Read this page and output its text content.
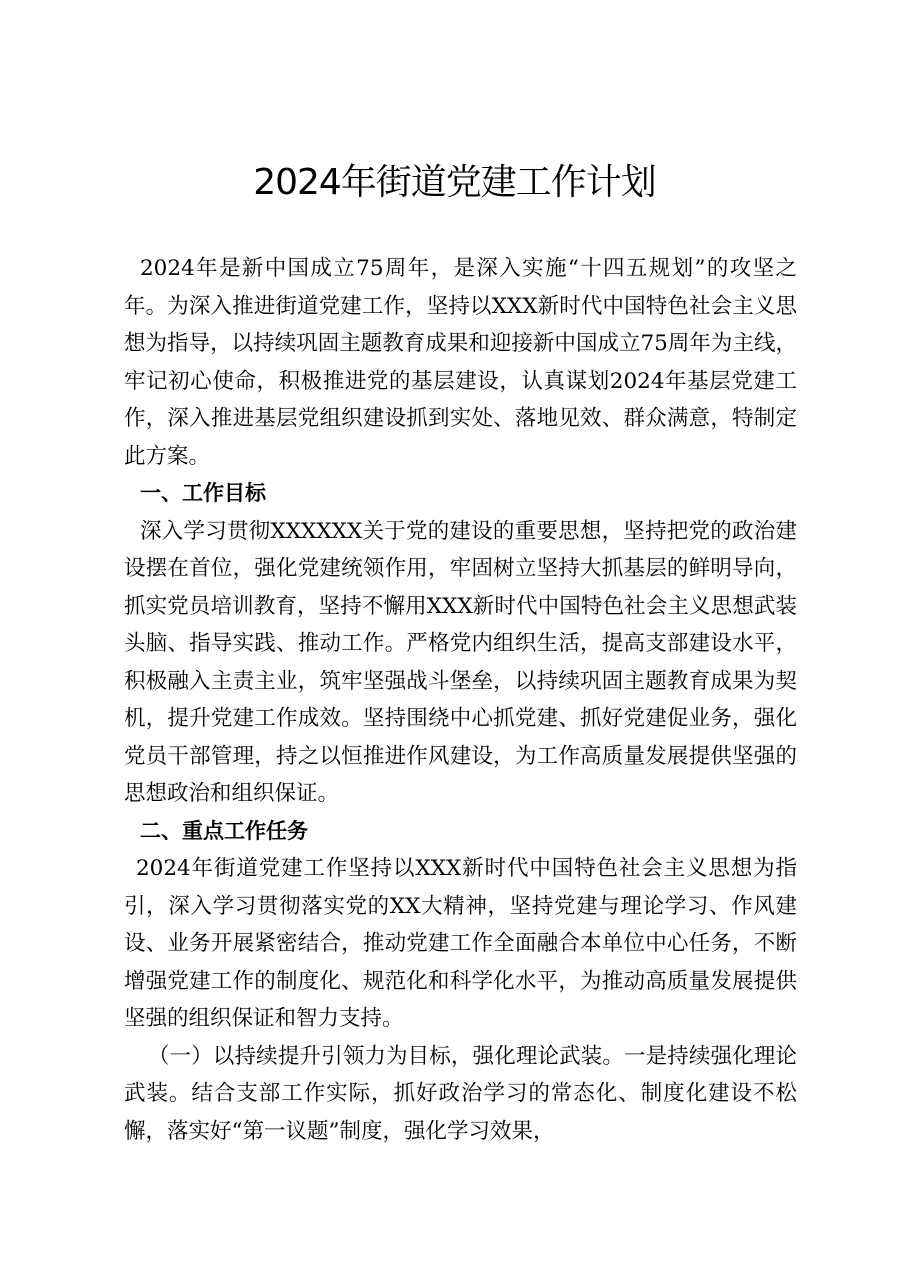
2024年街道党建工作计划

2024年是新中国成立75周年，是深入实施“十四五规划”的攻坚之年。为深入推进街道党建工作，坚持以XXX新时代中国特色社会主义思想为指导，以持续巩固主题教育成果和迎接新中国成立75周年为主线，牢记初心使命，积极推进党的基层建设，认真谋划2024年基层党建工作，深入推进基层党组织建设抓到实处、落地见效、群众满意，特制定此方案。

一、工作目标

深入学习贯彻XXXXXX关于党的建设的重要思想，坚持把党的政治建设摆在首位，强化党建统领作用，牢固树立坚持大抓基层的鲜明导向，抓实党员培训教育，坚持不懈用XXX新时代中国特色社会主义思想武装头脑、指导实践、推动工作。严格党内组织生活，提高支部建设水平，积极融入主责主业，筑牢坚强战斗堡垒，以持续巩固主题教育成果为契机，提升党建工作成效。坚持围绕中心抓党建、抓好党建促业务，强化党员干部管理，持之以恒推进作风建设，为工作高质量发展提供坚强的思想政治和组织保证。

二、重点工作任务

2024年街道党建工作坚持以XXX新时代中国特色社会主义思想为指引，深入学习贯彻落实党的XX大精神，坚持党建与理论学习、作风建设、业务开展紧密结合，推动党建工作全面融合本单位中心任务，不断增强党建工作的制度化、规范化和科学化水平，为推动高质量发展提供坚强的组织保证和智力支持。

（一）以持续提升引领力为目标，强化理论武装。一是持续强化理论武装。结合支部工作实际，抓好政治学习的常态化、制度化建设不松懈，落实好“第一议题”制度，强化学习效果，
